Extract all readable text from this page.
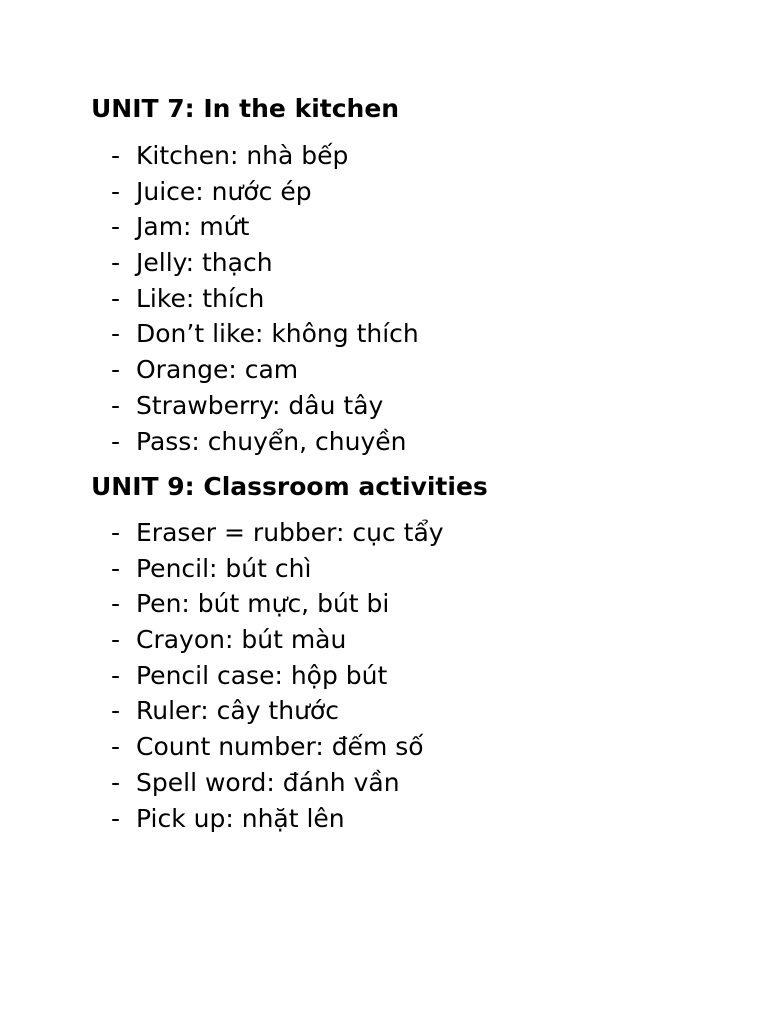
UNIT 7: In the kitchen
- Kitchen: nhà bếp
- Juice: nước ép
- Jam: mứt
- Jelly: thạch
- Like: thích
- Don’t like: không thích
- Orange: cam
- Strawberry: dâu tây
- Pass: chuyển, chuyền
UNIT 9: Classroom activities
- Eraser = rubber: cục tẩy
- Pencil: bút chì
- Pen: bút mực, bút bi
- Crayon: bút màu
- Pencil case: hộp bút
- Ruler: cây thước
- Count number: đếm số
- Spell word: đánh vần
- Pick up: nhặt lên
